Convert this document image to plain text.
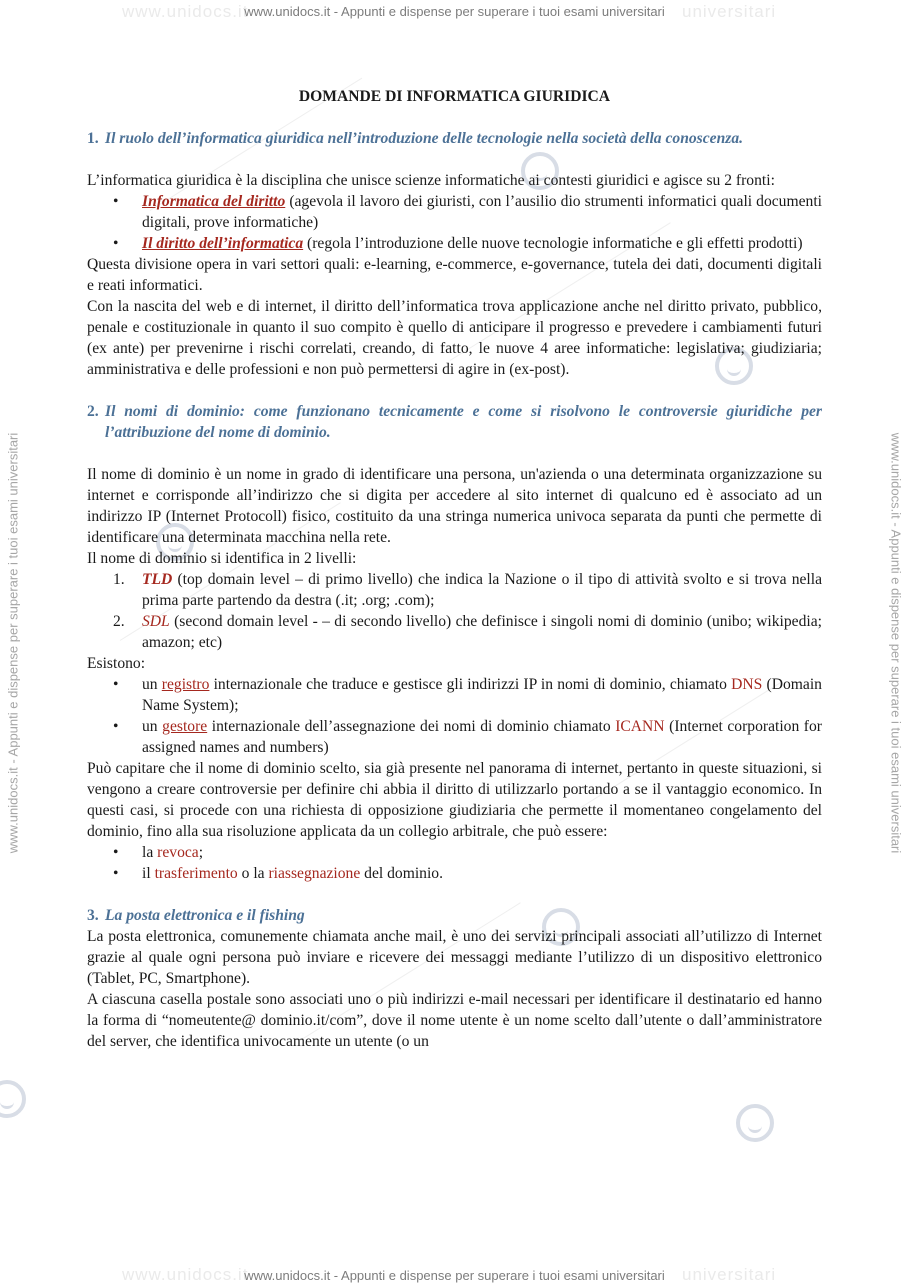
www.unidocs.it	universitari
www.unidocs.it	universitari
www.unidocs.it - Appunti e dispense per superare i tuoi esami universitari
www.unidocs.it - Appunti e dispense per superare i tuoi esami universitari
www.unidocs.it - Appunti e dispense per superare i tuoi esami universitari	www.unidocs.it - Appunti e dispense per superare i tuoi esami universitari
DOMANDE DI INFORMATICA GIURIDICA
1. Il ruolo dell’informatica giuridica nell’introduzione delle tecnologie nella società della conoscenza.

L’informatica giuridica è la disciplina che unisce scienze informatiche ai contesti giuridici e agisce su 2 fronti:

• Informatica del diritto (agevola il lavoro dei giuristi, con l’ausilio dio strumenti informatici quali documenti digitali, prove informatiche)
• Il diritto dell’informatica (regola l’introduzione delle nuove tecnologie informatiche e gli effetti prodotti)

Questa divisione opera in vari settori quali: e-learning, e-commerce, e-governance, tutela dei dati, documenti digitali e reati informatici.

Con la nascita del web e di internet, il diritto dell’informatica trova applicazione anche nel diritto privato, pubblico, penale e costituzionale in quanto il suo compito è quello di anticipare il progresso e prevedere i cambiamenti futuri (ex ante) per prevenirne i rischi correlati, creando, di fatto, le nuove 4 aree informatiche: legislativa; giudiziaria; amministrativa e delle professioni e non può permettersi di agire in (ex-post).

2. Il nomi di dominio: come funzionano tecnicamente e come si risolvono le controversie giuridiche per l’attribuzione del nome di dominio.

Il nome di dominio è un nome in grado di identificare una persona, un'azienda o una determinata organizzazione su internet e corrisponde all’indirizzo che si digita per accedere al sito internet di qualcuno ed è associato ad un indirizzo IP (Internet Protocoll) fisico, costituito da una stringa numerica univoca separata da punti che permette di identificare una determinata macchina nella rete.

Il nome di dominio si identifica in 2 livelli:

1. TLD (top domain level – di primo livello) che indica la Nazione o il tipo di attività svolto e si trova nella prima parte partendo da destra (.it; .org; .com);
2. SDL (second domain level - – di secondo livello) che definisce i singoli nomi di dominio (unibo; wikipedia; amazon; etc)

Esistono:

• un registro internazionale che traduce e gestisce gli indirizzi IP in nomi di dominio, chiamato DNS (Domain Name System);
• un gestore internazionale dell’assegnazione dei nomi di dominio chiamato ICANN (Internet corporation for assigned names and numbers)

Può capitare che il nome di dominio scelto, sia già presente nel panorama di internet, pertanto in queste situazioni, si vengono a creare controversie per definire chi abbia il diritto di utilizzarlo portando a se il vantaggio economico. In questi casi, si procede con una richiesta di opposizione giudiziaria che permette il momentaneo congelamento del dominio, fino alla sua risoluzione applicata da un collegio arbitrale, che può essere:

• la revoca;
• il trasferimento o la riassegnazione del dominio.
3. La posta elettronica e il fishing

La posta elettronica, comunemente chiamata anche mail, è uno dei servizi principali associati all’utilizzo di Internet grazie al quale ogni persona può inviare e ricevere dei messaggi mediante l’utilizzo di un dispositivo elettronico (Tablet, PC, Smartphone).

A ciascuna casella postale sono associati uno o più indirizzi e-mail necessari per identificare il destinatario ed hanno la forma di “nomeutente@ dominio.it/com”, dove il nome utente è un nome scelto dall’utente o dall’amministratore del server, che identifica univocamente un utente (o un
